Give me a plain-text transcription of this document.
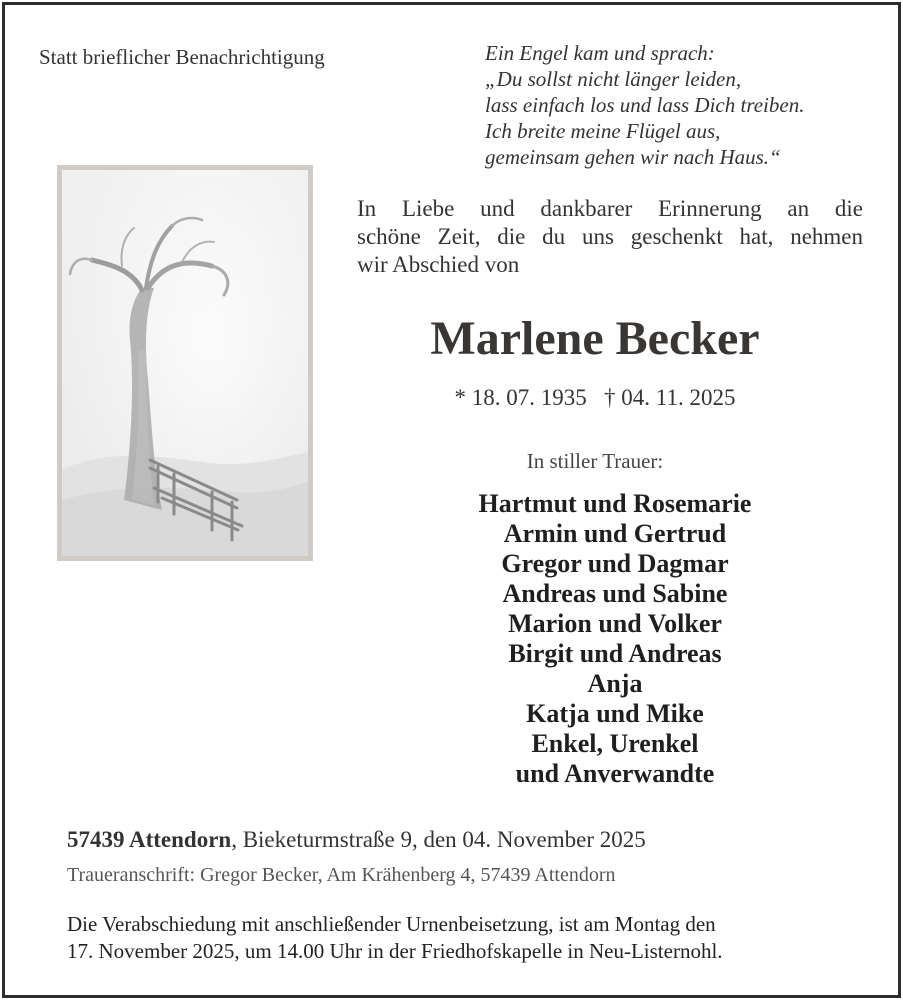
Statt brieflicher Benachrichtigung	Ein Engel kam und sprach:
„Du sollst nicht länger leiden,
lass einfach los und lass Dich treiben.
Ich breite meine Flügel aus,
gemeinsam gehen wir nach Haus.“
In Liebe und dankbarer Erinnerung an die
schöne Zeit, die du uns geschenkt hat, nehmen
wir Abschied von
Marlene Becker
* 18. 07. 1935   † 04. 11. 2025
In stiller Trauer:
Hartmut und Rosemarie
Armin und Gertrud
Gregor und Dagmar
Andreas und Sabine
Marion und Volker
Birgit und Andreas
Anja
Katja und Mike
Enkel, Urenkel
und Anverwandte
57439 Attendorn, Bieketurmstraße 9, den 04. November 2025
Traueranschrift: Gregor Becker, Am Krähenberg 4, 57439 Attendorn
Die Verabschiedung mit anschließender Urnenbeisetzung, ist am Montag den
17. November 2025, um 14.00 Uhr in der Friedhofskapelle in Neu-Listernohl.
